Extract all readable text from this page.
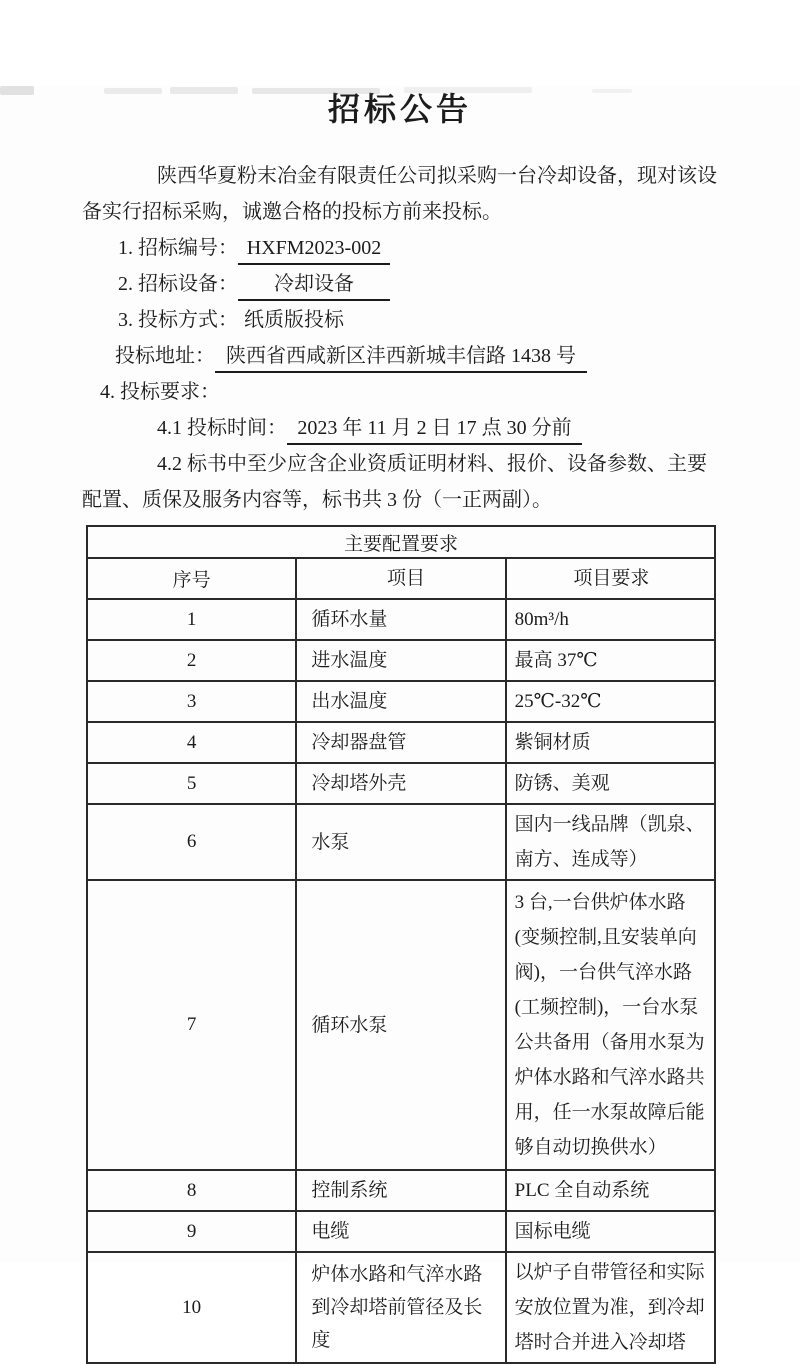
招标公告

陕西华夏粉末冶金有限责任公司拟采购一台冷却设备，现对该设备实行招标采购，诚邀合格的投标方前来投标。

1. 招标编号： HXFM2023-002
2. 招标设备： 冷却设备
3. 投标方式： 纸质版投标
投标地址： 陕西省西咸新区沣西新城丰信路 1438 号
4. 投标要求：
4.1 投标时间： 2023 年 11 月 2 日 17 点 30 分前

4.2 标书中至少应含企业资质证明材料、报价、设备参数、主要配置、质保及服务内容等，标书共 3 份（一正两副）。

主要配置要求		
序号	项目	项目要求
1	循环水量	80m³/h
2	进水温度	最高 37℃
3	出水温度	25℃-32℃
4	冷却器盘管	紫铜材质
5	冷却塔外壳	防锈、美观
6	水泵	国内一线品牌（凯泉、南方、连成等）
7	循环水泵	3 台,一台供炉体水路(变频控制,且安装单向阀)，一台供气淬水路(工频控制)，一台水泵公共备用（备用水泵为炉体水路和气淬水路共用，任一水泵故障后能够自动切换供水）
8	控制系统	PLC 全自动系统
9	电缆	国标电缆
10	炉体水路和气淬水路到冷却塔前管径及长度	以炉子自带管径和实际安放位置为准，到冷却塔时合并进入冷却塔
